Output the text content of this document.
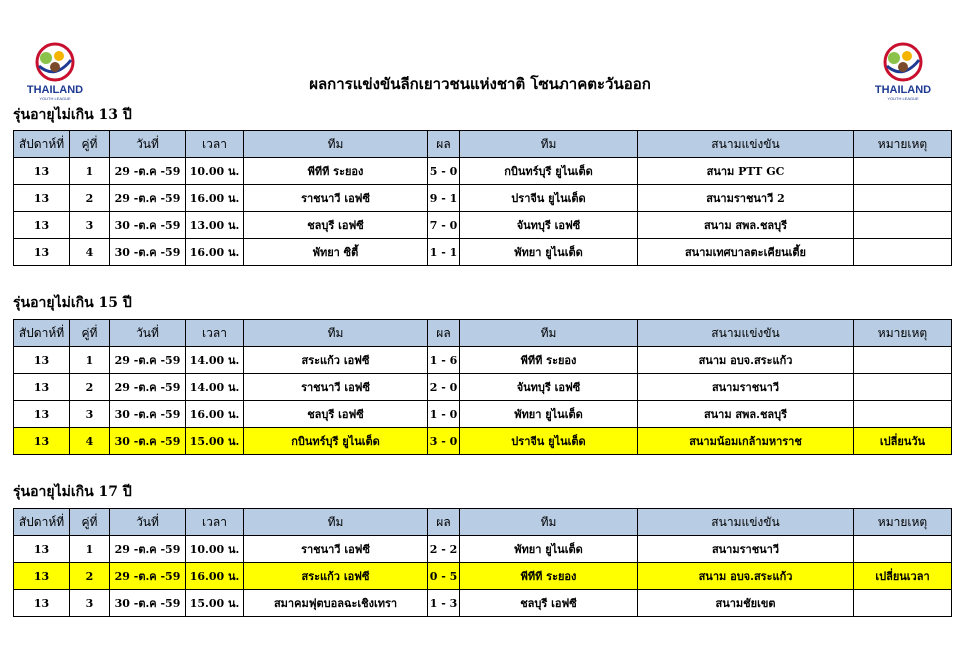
THAILAND
YOUTH LEAGUE
THAILAND
YOUTH LEAGUE
ผลการแข่งขันลีกเยาวชนแห่งชาติ โซนภาคตะวันออก
รุ่นอายุไม่เกิน 13 ปี
สัปดาห์ที่	คู่ที่	วันที่	เวลา	ทีม	ผล	ทีม	สนามแข่งขัน	หมายเหตุ
13	1	29 -ต.ค -59	10.00 น.	พีทีที ระยอง	5 - 0	กบินทร์บุรี ยูไนเต็ด	สนาม PTT GC	
13	2	29 -ต.ค -59	16.00 น.	ราชนาวี เอฟซี	9 - 1	ปราจีน ยูไนเต็ด	สนามราชนาวี 2	
13	3	30 -ต.ค -59	13.00 น.	ชลบุรี เอฟซี	7 - 0	จันทบุรี เอฟซี	สนาม สพล.ชลบุรี	
13	4	30 -ต.ค -59	16.00 น.	พัทยา ซิตี้	1 - 1	พัทยา ยูไนเต็ด	สนามเทศบาลตะเคียนเตี้ย	
รุ่นอายุไม่เกิน 15 ปี
สัปดาห์ที่	คู่ที่	วันที่	เวลา	ทีม	ผล	ทีม	สนามแข่งขัน	หมายเหตุ
13	1	29 -ต.ค -59	14.00 น.	สระแก้ว เอฟซี	1 - 6	พีทีที ระยอง	สนาม อบจ.สระแก้ว	
13	2	29 -ต.ค -59	14.00 น.	ราชนาวี เอฟซี	2 - 0	จันทบุรี เอฟซี	สนามราชนาวี	
13	3	30 -ต.ค -59	16.00 น.	ชลบุรี เอฟซี	1 - 0	พัทยา ยูไนเต็ด	สนาม สพล.ชลบุรี	
13	4	30 -ต.ค -59	15.00 น.	กบินทร์บุรี ยูไนเต็ด	3 - 0	ปราจีน ยูไนเต็ด	สนามน้อมเกล้ามหาราช	เปลี่ยนวัน
รุ่นอายุไม่เกิน 17 ปี
สัปดาห์ที่	คู่ที่	วันที่	เวลา	ทีม	ผล	ทีม	สนามแข่งขัน	หมายเหตุ
13	1	29 -ต.ค -59	10.00 น.	ราชนาวี เอฟซี	2 - 2	พัทยา ยูไนเต็ด	สนามราชนาวี	
13	2	29 -ต.ค -59	16.00 น.	สระแก้ว เอฟซี	0 - 5	พีทีที ระยอง	สนาม อบจ.สระแก้ว	เปลี่ยนเวลา
13	3	30 -ต.ค -59	15.00 น.	สมาคมฟุตบอลฉะเชิงเทรา	1 - 3	ชลบุรี เอฟซี	สนามชัยเขต	
